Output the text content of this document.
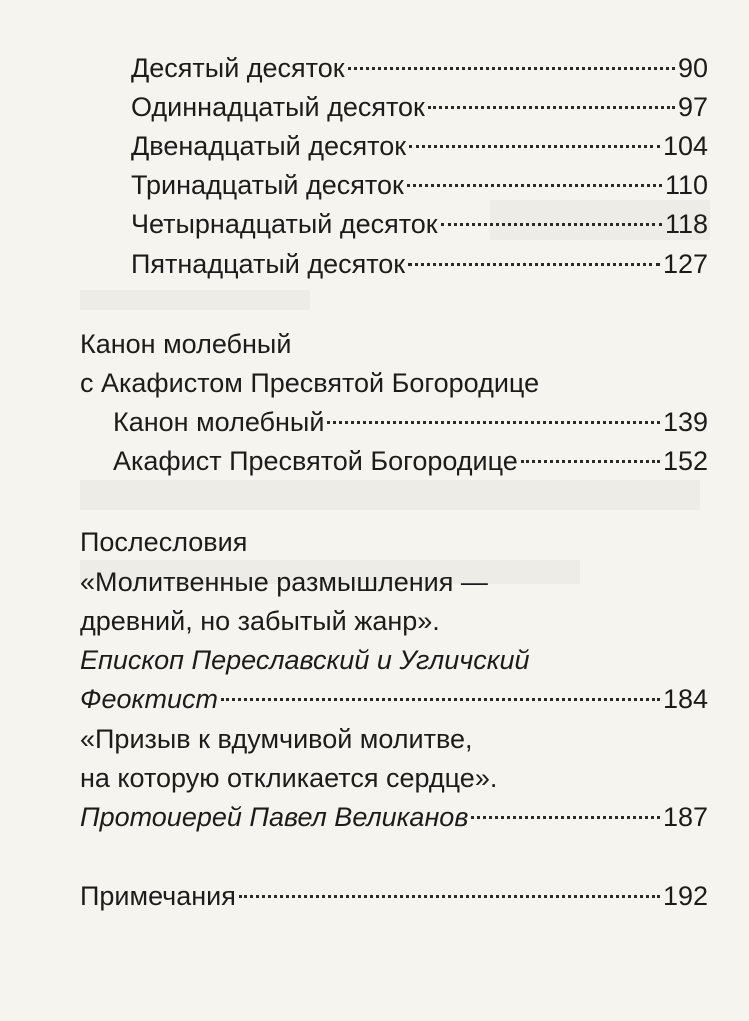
Десятый десяток	90
Одиннадцатый десяток	97
Двенадцатый десяток	104
Тринадцатый десяток	110
Четырнадцатый десяток	118
Пятнадцатый десяток	127
Канон молебный
с Акафистом Пресвятой Богородице
Канон молебный	139
Акафист Пресвятой Богородице	152
Послесловия
«Молитвенные размышления —
древний, но забытый жанр».
Епископ Переславский и Угличский
Феоктист	184
«Призыв к вдумчивой молитве,
на которую откликается сердце».
Протоиерей Павел Великанов	187
Примечания	192
